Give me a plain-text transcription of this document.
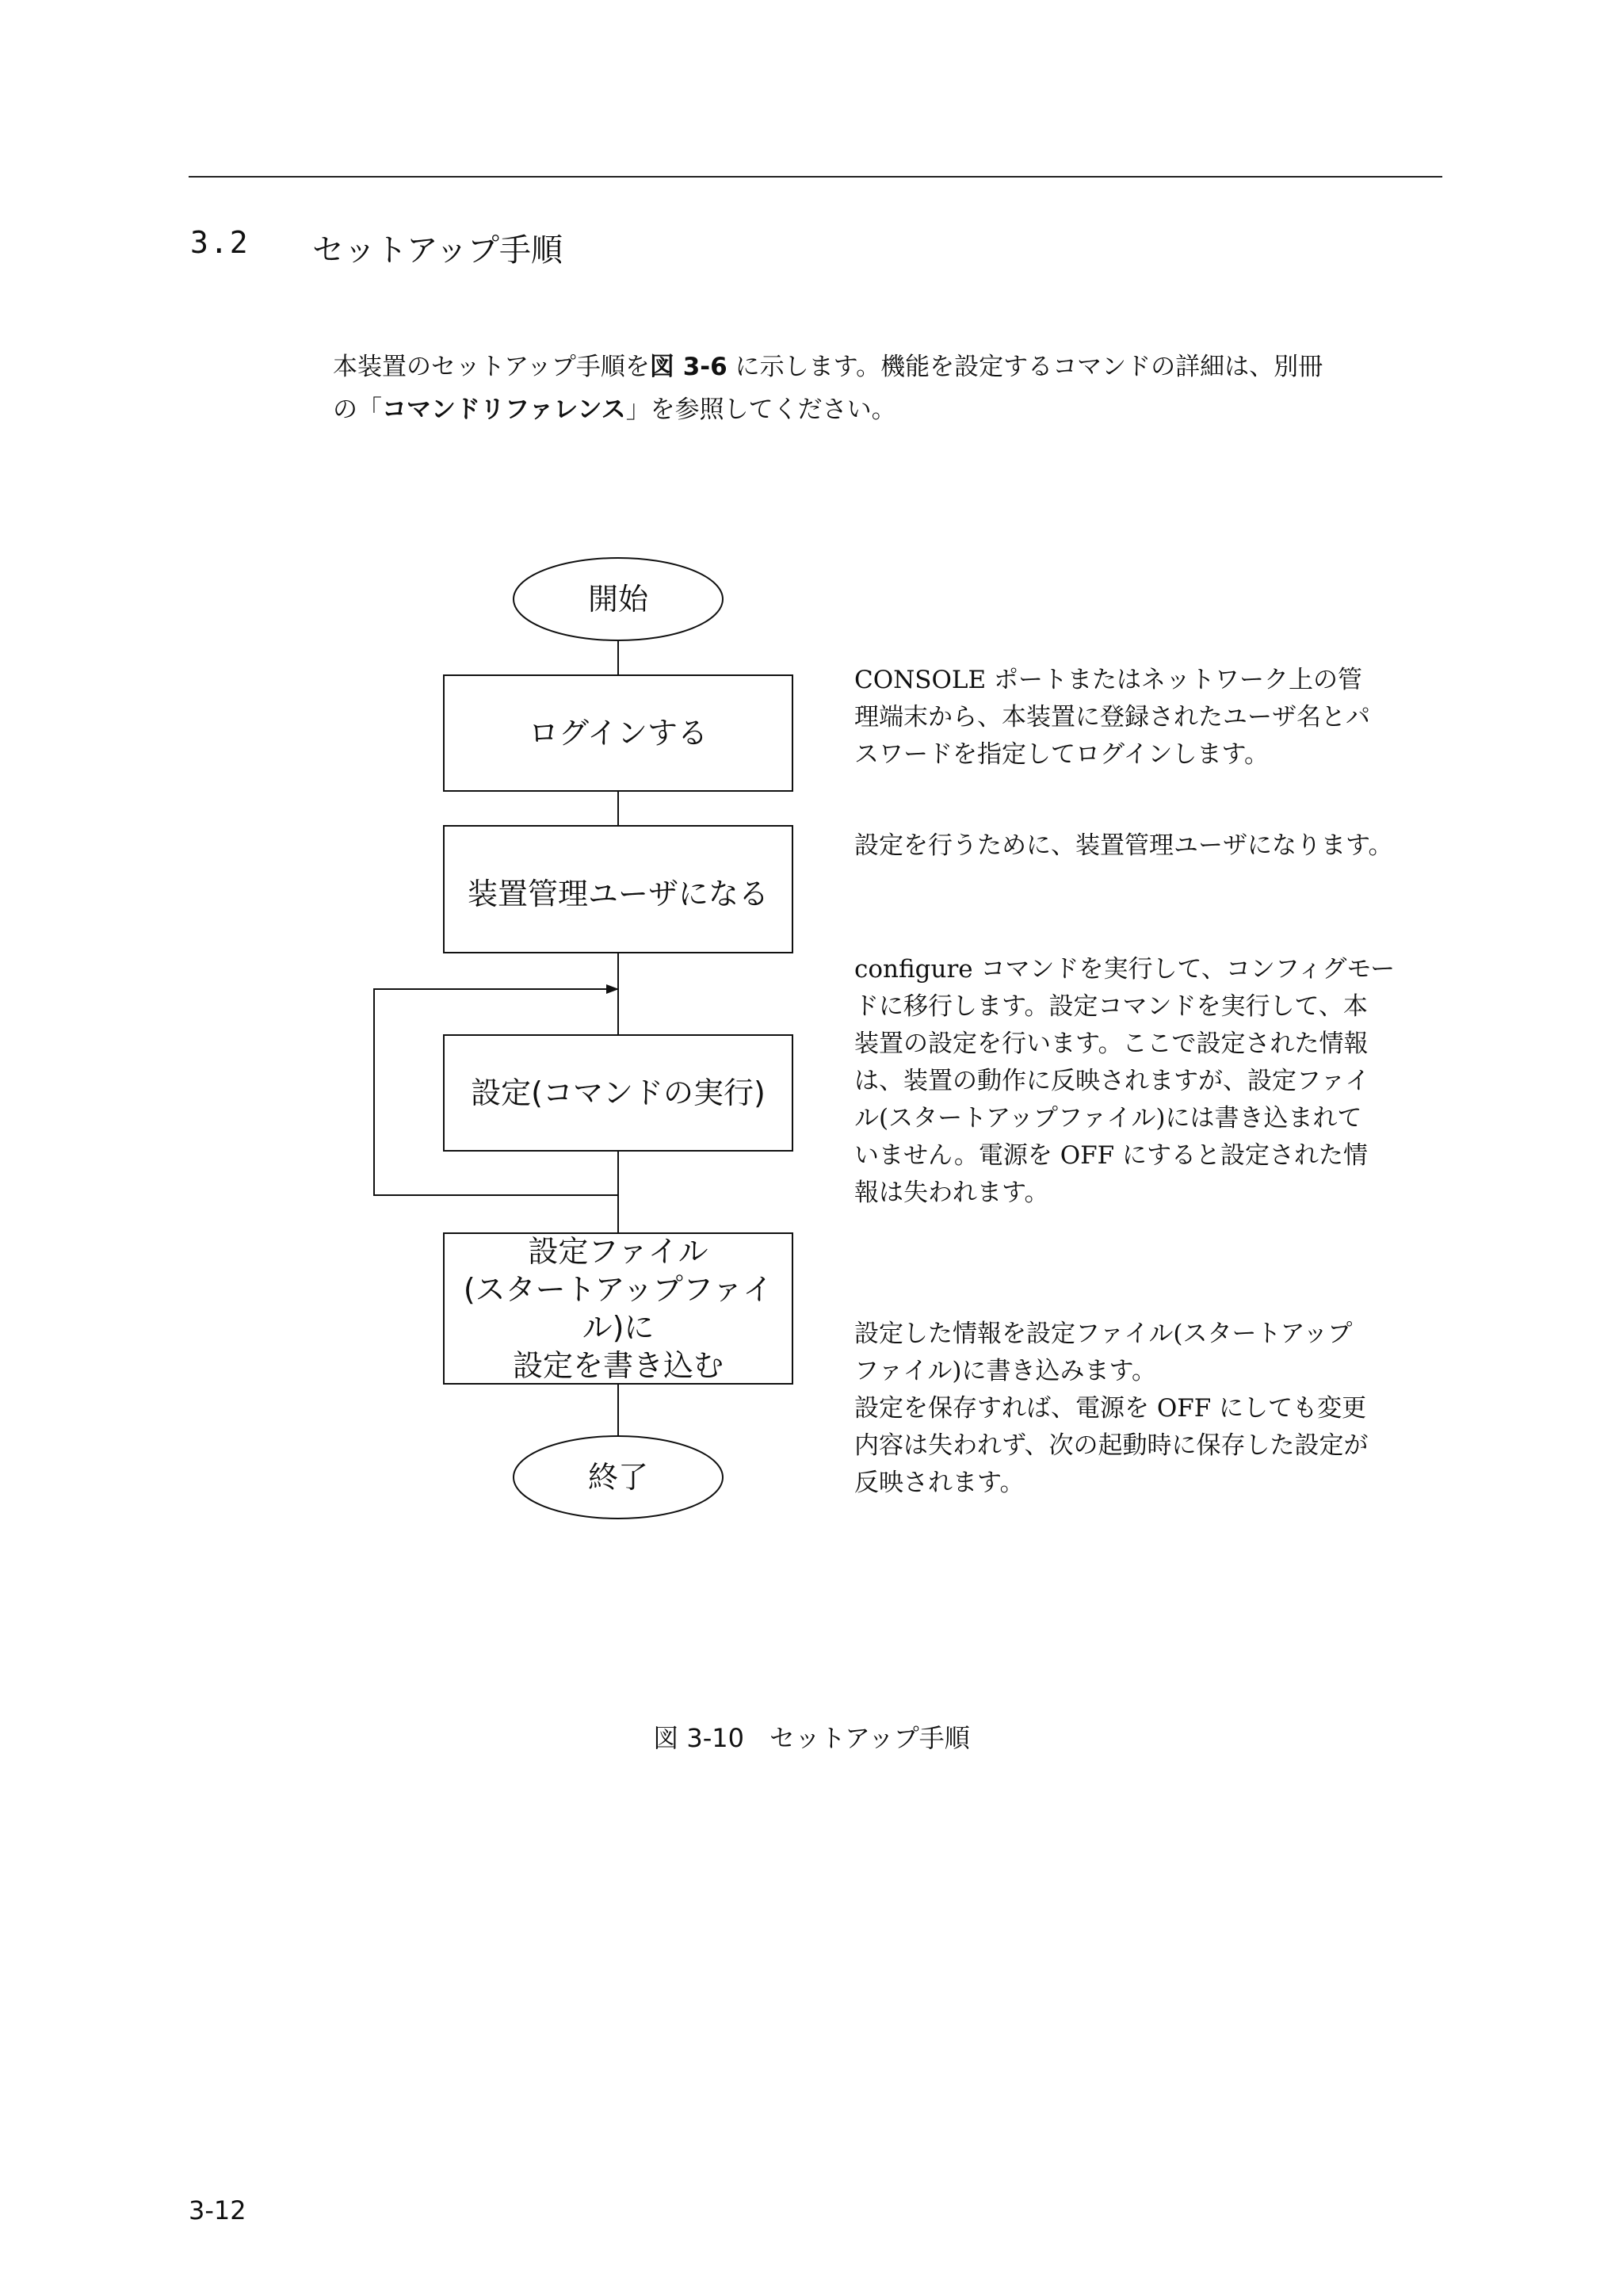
3.2 セットアップ手順
本装置のセットアップ手順を図 3-6 に示します。機能を設定するコマンドの詳細は、別冊
の「コマンドリファレンス」を参照してください。
開始
ログインする
装置管理ユーザになる
設定(コマンドの実行)
設定ファイル
(スタートアップファイル)に
設定を書き込む
終了
CONSOLE ポートまたはネットワーク上の管
理端末から、本装置に登録されたユーザ名とパ
スワードを指定してログインします。
設定を行うために、装置管理ユーザになります。
configure コマンドを実行して、コンフィグモー
ドに移行します。設定コマンドを実行して、本
装置の設定を行います。ここで設定された情報
は、装置の動作に反映されますが、設定ファイ
ル(スタートアップファイル)には書き込まれて
いません。電源を OFF にすると設定された情
報は失われます。
設定した情報を設定ファイル(スタートアップ
ファイル)に書き込みます。
設定を保存すれば、電源を OFF にしても変更
内容は失われず、次の起動時に保存した設定が
反映されます。
図 3-10　セットアップ手順
3-12
